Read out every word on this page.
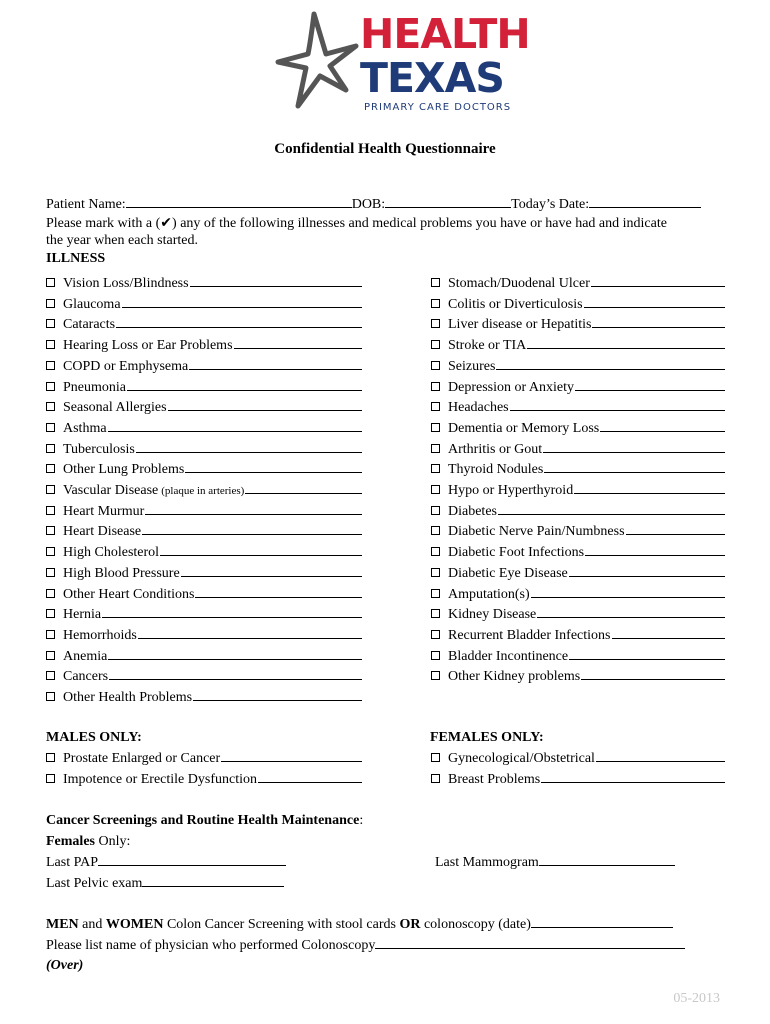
HEALTH
TEXAS
PRIMARY CARE DOCTORS
Confidential Health Questionnaire
Patient Name:	DOB:	Today’s Date:
Please mark with a (✔) any of the following illnesses and medical problems you have or have had and indicate
the year when each started.
ILLNESS
Vision Loss/Blindness
Glaucoma
Cataracts
Hearing Loss or Ear Problems
COPD or Emphysema
Pneumonia
Seasonal Allergies
Asthma
Tuberculosis
Other Lung Problems
Vascular Disease (plaque in arteries)
Heart Murmur
Heart Disease
High Cholesterol
High Blood Pressure
Other Heart Conditions
Hernia
Hemorrhoids
Anemia
Cancers
Other Health Problems
Stomach/Duodenal Ulcer
Colitis or Diverticulosis
Liver disease or Hepatitis
Stroke or TIA
Seizures
Depression or Anxiety
Headaches
Dementia or Memory Loss
Arthritis or Gout
Thyroid Nodules
Hypo or Hyperthyroid
Diabetes
Diabetic Nerve Pain/Numbness
Diabetic Foot Infections
Diabetic Eye Disease
Amputation(s)
Kidney Disease
Recurrent Bladder Infections
Bladder Incontinence
Other Kidney problems
MALES ONLY:	FEMALES ONLY:
Prostate Enlarged or Cancer
Impotence or Erectile Dysfunction
Gynecological/Obstetrical
Breast Problems
Cancer Screenings and Routine Health Maintenance:
Females Only:
Last PAP	Last Mammogram
Last Pelvic exam
MEN and WOMEN Colon Cancer Screening with stool cards OR colonoscopy (date)
Please list name of physician who performed Colonoscopy
(Over)
05-2013
